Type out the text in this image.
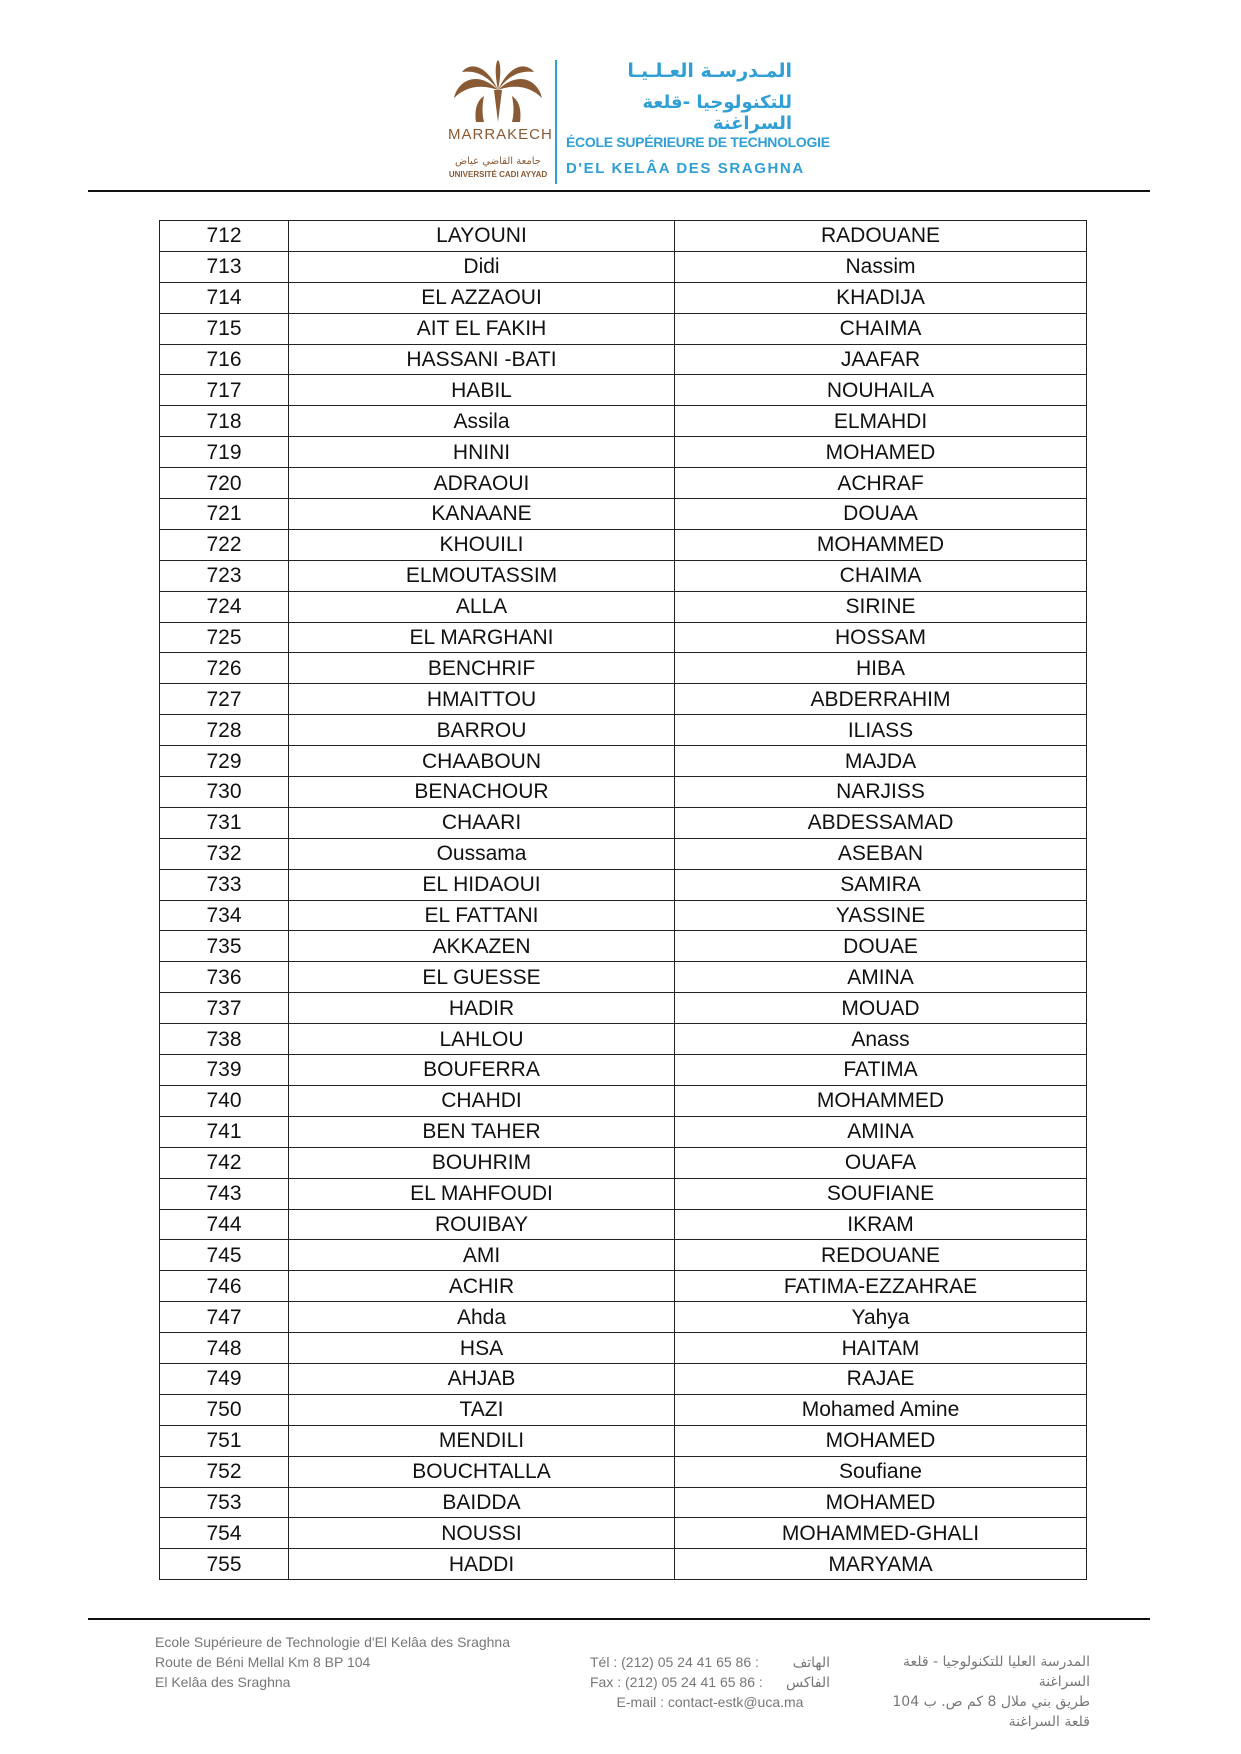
MARRAKECH
جامعة القاضي عياض
UNIVERSITÉ CADI AYYAD
المـدرسـة العـلـيـا
للتكنولوجيا -قلعة السراغنة
ÉCOLE SUPÉRIEURE DE TECHNOLOGIE
D'EL KELÂA DES SRAGHNA
712	LAYOUNI	RADOUANE
713	Didi	Nassim
714	EL AZZAOUI	KHADIJA
715	AIT EL FAKIH	CHAIMA
716	HASSANI -BATI	JAAFAR
717	HABIL	NOUHAILA
718	Assila	ELMAHDI
719	HNINI	MOHAMED
720	ADRAOUI	ACHRAF
721	KANAANE	DOUAA
722	KHOUILI	MOHAMMED
723	ELMOUTASSIM	CHAIMA
724	ALLA	SIRINE
725	EL MARGHANI	HOSSAM
726	BENCHRIF	HIBA
727	HMAITTOU	ABDERRAHIM
728	BARROU	ILIASS
729	CHAABOUN	MAJDA
730	BENACHOUR	NARJISS
731	CHAARI	ABDESSAMAD
732	Oussama	ASEBAN
733	EL HIDAOUI	SAMIRA
734	EL FATTANI	YASSINE
735	AKKAZEN	DOUAE
736	EL GUESSE	AMINA
737	HADIR	MOUAD
738	LAHLOU	Anass
739	BOUFERRA	FATIMA
740	CHAHDI	MOHAMMED
741	BEN TAHER	AMINA
742	BOUHRIM	OUAFA
743	EL MAHFOUDI	SOUFIANE
744	ROUIBAY	IKRAM
745	AMI	REDOUANE
746	ACHIR	FATIMA-EZZAHRAE
747	Ahda	Yahya
748	HSA	HAITAM
749	AHJAB	RAJAE
750	TAZI	Mohamed Amine
751	MENDILI	MOHAMED
752	BOUCHTALLA	Soufiane
753	BAIDDA	MOHAMED
754	NOUSSI	MOHAMMED-GHALI
755	HADDI	MARYAMA
Ecole Supérieure de Technologie d'El Kelâa des Sraghna
Route de Béni Mellal Km 8 BP 104
El Kelâa des Sraghna
Tél : (212) 05 24 41 65 86 : الهاتف
Fax : (212) 05 24 41 65 86 : الفاكس
E-mail : contact-estk@uca.ma
المدرسة العليا للتكنولوجيا - قلعة السراغنة
طريق بني ملال 8 كم ص. ب 104
قلعة السراغنة
